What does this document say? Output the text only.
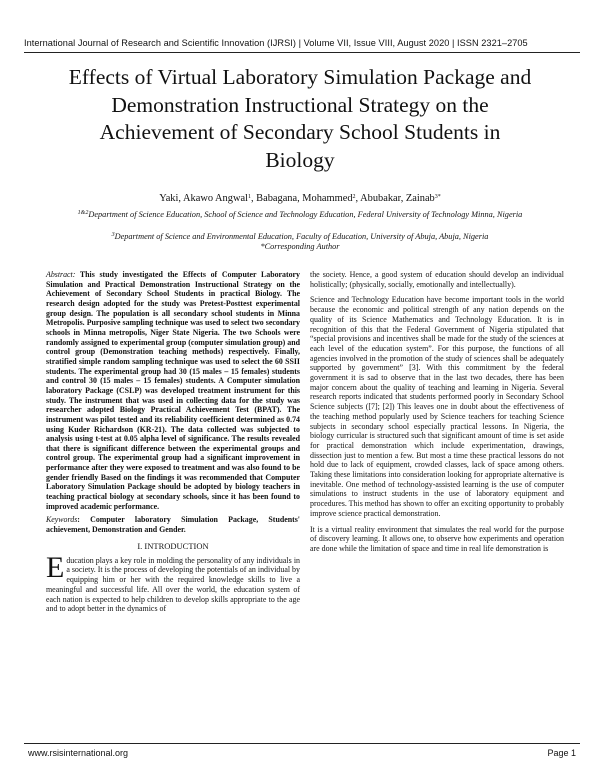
International Journal of Research and Scientific Innovation (IJRSI) | Volume VII, Issue VIII, August 2020 | ISSN 2321–2705
Effects of Virtual Laboratory Simulation Package and
Demonstration Instructional Strategy on the
Achievement of Secondary School Students in
Biology
Yaki, Akawo Angwal$^1$, Babagana, Mohammed$^2$, Abubakar, Zainab$^{3*}$
$^{1\&2}$Department of Science Education, School of Science and Technology Education, Federal University of Technology Minna, Nigeria
$^3$Department of Science and Environmental Education, Faculty of Education, University of Abuja, Abuja, Nigeria
*Corresponding Author

Abstract: This study investigated the Effects of Computer Laboratory Simulation and Practical Demonstration Instructional Strategy on the Achievement of Secondary School Students in practical Biology. The research design adopted for the study was Pretest-Posttest experimental group design. The population is all secondary school students in Minna Metropolis. Purposive sampling technique was used to select two secondary schools in Minna metropolis, Niger State Nigeria. The two Schools were randomly assigned to experimental group (computer simulation group) and control group (Demonstration teaching methods) respectively. Finally, stratified simple random sampling technique was used to select the 60 SSII students. The experimental group had 30 (15 males – 15 females) students and control 30 (15 males – 15 females) students. A Computer simulation laboratory Package (CSLP) was developed treatment instrument for this study. The instrument that was used in collecting data for the study was researcher adopted Biology Practical Achievement Test (BPAT). The instrument was pilot tested and its reliability coefficient determined as 0.74 using Kuder Richardson (KR-21). The data collected was subjected to analysis using t-test at 0.05 alpha level of significance. The results revealed that there is significant difference between the experimental groups and control group. The experimental group had a significant improvement in performance after they were exposed to treatment and was also found to be gender friendly Based on the findings it was recommended that Computer Laboratory Simulation Package should be adopted by biology teachers in teaching practical biology at secondary schools, since it has been found to improved academic performance.

Keywords: Computer laboratory Simulation Package, Students' achievement, Demonstration and Gender.

I. INTRODUCTION

Education plays a key role in molding the personality of any individuals in a society. It is the process of developing the potentials of an individual by equipping him or her with the required knowledge skills to live a meaningful and successful life. All over the world, the education system of each nation is expected to help children to develop skills appropriate to the age and to adopt better in the dynamics of

the society. Hence, a good system of education should develop an individual holistically; (physically, socially, emotionally and intellectually).

Science and Technology Education have become important tools in the world because the economic and political strength of any nation depends on the quality of its Science Mathematics and Technology Education. It is in recognition of this that the Federal Government of Nigeria stipulated that “special provisions and incentives shall be made for the study of the sciences at each level of the education system”. For this purpose, the functions of all agencies involved in the promotion of the study of sciences shall be adequately supported by government” [3]. With this commitment by the federal government it is sad to observe that in the last two decades, there has been major concern about the quality of teaching and learning in Nigeria. Several research reports indicated that students performed poorly in Secondary School Science subjects ([7]; [2]) This leaves one in doubt about the effectiveness of the teaching method popularly used by Science teachers for teaching Science subjects in secondary school especially practical lessons. In Nigeria, the biology curricular is structured such that significant amount of time is set aside for practical demonstration which include experimentation, drawings, dissection just to mention a few. But most a time these practical lessons do not hold due to lack of equipment, crowded classes, lack of space among others. Taking these limitations into consideration looking for appropriate alternative is inevitable. One method of technology-assisted learning is the use of computer simulations to instruct students in the use of laboratory equipment and procedures. This method has shown to offer an exciting opportunity to probably improve science practical demonstration.

It is a virtual reality environment that simulates the real world for the purpose of discovery learning. It allows one, to observe how experiments and operation are done while the limitation of space and time in real life demonstration is

www.rsisinternational.org	Page 1
